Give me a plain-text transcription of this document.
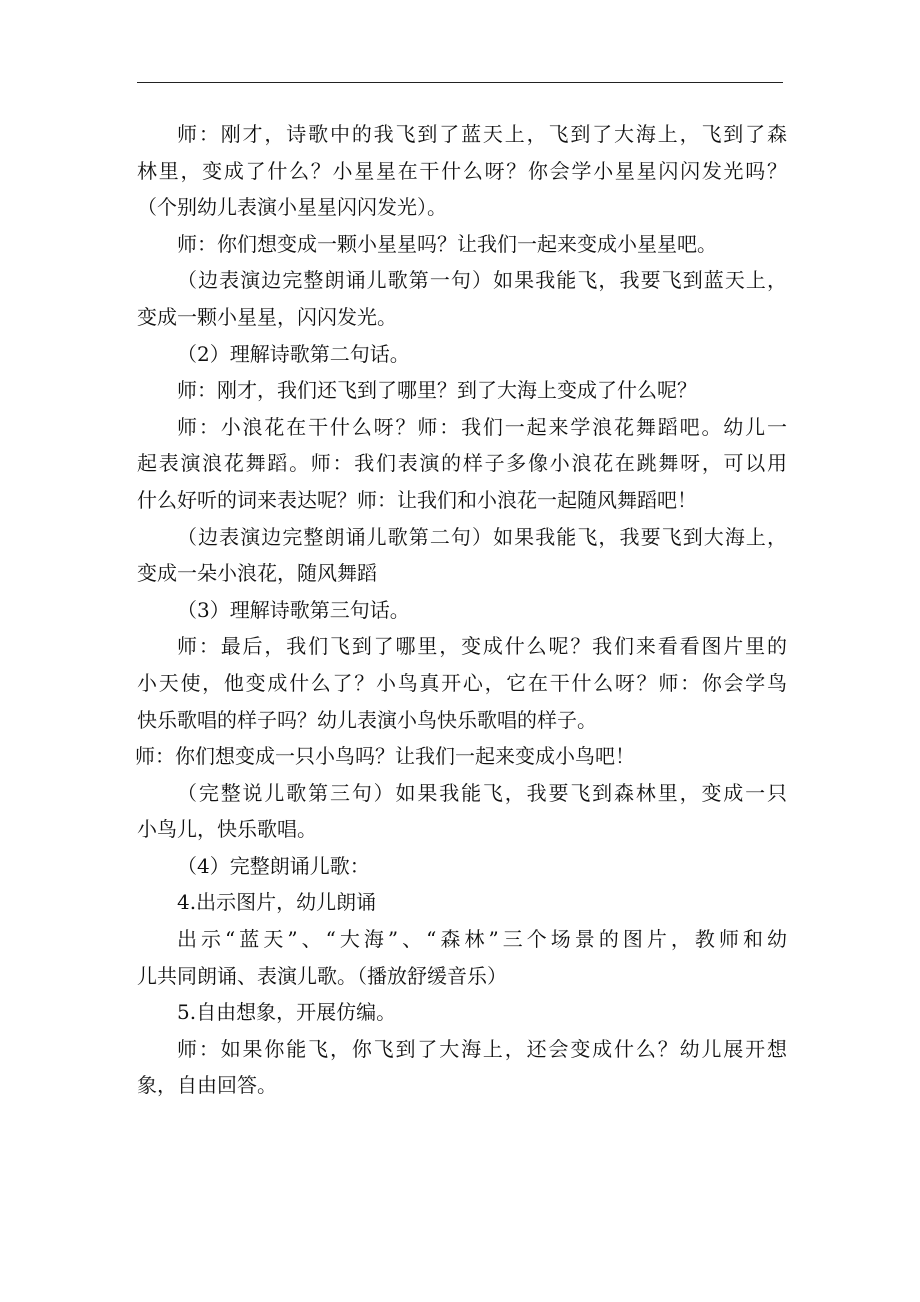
师：刚才，诗歌中的我飞到了蓝天上，飞到了大海上，飞到了森
林里，变成了什么？小星星在干什么呀？你会学小星星闪闪发光吗？
（个别幼儿表演小星星闪闪发光）。
师：你们想变成一颗小星星吗？让我们一起来变成小星星吧。
（边表演边完整朗诵儿歌第一句）如果我能飞，我要飞到蓝天上，
变成一颗小星星，闪闪发光。
（2）理解诗歌第二句话。
师：刚才，我们还飞到了哪里？到了大海上变成了什么呢？
师：小浪花在干什么呀？师：我们一起来学浪花舞蹈吧。幼儿一
起表演浪花舞蹈。师：我们表演的样子多像小浪花在跳舞呀，可以用
什么好听的词来表达呢？师：让我们和小浪花一起随风舞蹈吧！
（边表演边完整朗诵儿歌第二句）如果我能飞，我要飞到大海上，
变成一朵小浪花，随风舞蹈
（3）理解诗歌第三句话。
师：最后，我们飞到了哪里，变成什么呢？我们来看看图片里的
小天使，他变成什么了？小鸟真开心，它在干什么呀？师：你会学鸟
快乐歌唱的样子吗？幼儿表演小鸟快乐歌唱的样子。
师：你们想变成一只小鸟吗？让我们一起来变成小鸟吧！
（完整说儿歌第三句）如果我能飞，我要飞到森林里，变成一只
小鸟儿，快乐歌唱。
（4）完整朗诵儿歌：
4.出示图片，幼儿朗诵
出示“蓝天”、“大海”、“森林”三个场景的图片，教师和幼
儿共同朗诵、表演儿歌。（播放舒缓音乐）
5.自由想象，开展仿编。
师：如果你能飞，你飞到了大海上，还会变成什么？幼儿展开想
象，自由回答。
